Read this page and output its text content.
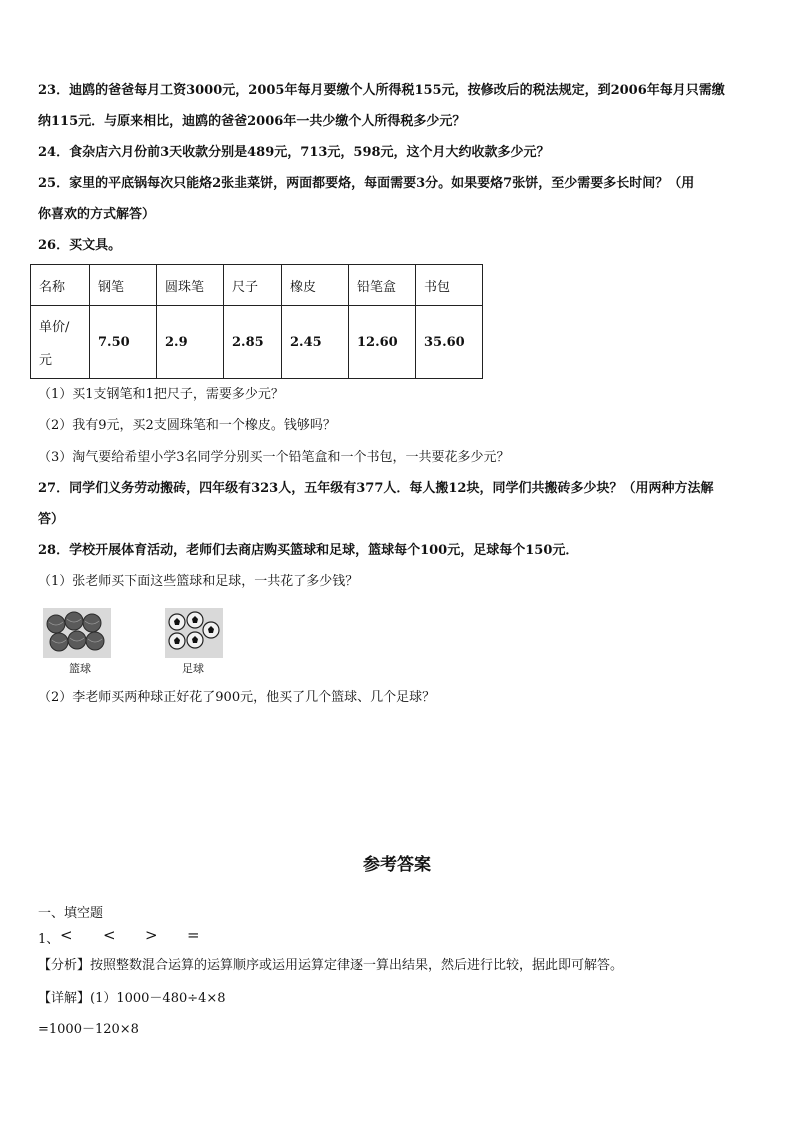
23．迪鸥的爸爸每月工资3000元，2005年每月要缴个人所得税155元，按修改后的税法规定，到2006年每月只需缴
纳115元．与原来相比，迪鸥的爸爸2006年一共少缴个人所得税多少元？
24．食杂店六月份前3天收款分别是489元，713元，598元，这个月大约收款多少元？
25．家里的平底锅每次只能烙2张韭菜饼，两面都要烙，每面需要3分。如果要烙7张饼，至少需要多长时间？（用
你喜欢的方式解答）
26．买文具。
名称	钢笔	圆珠笔	尺子	橡皮	铅笔盒	书包

单价/
元	7.50	2.9	2.85	2.45	12.60	35.60
（1）买1支钢笔和1把尺子，需要多少元？
（2）我有9元，买2支圆珠笔和一个橡皮。钱够吗？
（3）淘气要给希望小学3名同学分别买一个铅笔盒和一个书包，一共要花多少元？
27．同学们义务劳动搬砖，四年级有323人，五年级有377人．每人搬12块，同学们共搬砖多少块？（用两种方法解
答）
28．学校开展体育活动，老师们去商店购买篮球和足球，篮球每个100元，足球每个150元．
（1）张老师买下面这些篮球和足球，一共花了多少钱？
篮球	足球
（2）李老师买两种球正好花了900元，他买了几个篮球、几个足球？
参考答案
一、填空题
1、 < < > =
【分析】按照整数混合运算的运算顺序或运用运算定律逐一算出结果，然后进行比较，据此即可解答。
【详解】(1）1000－480÷4×8
=1000－120×8
